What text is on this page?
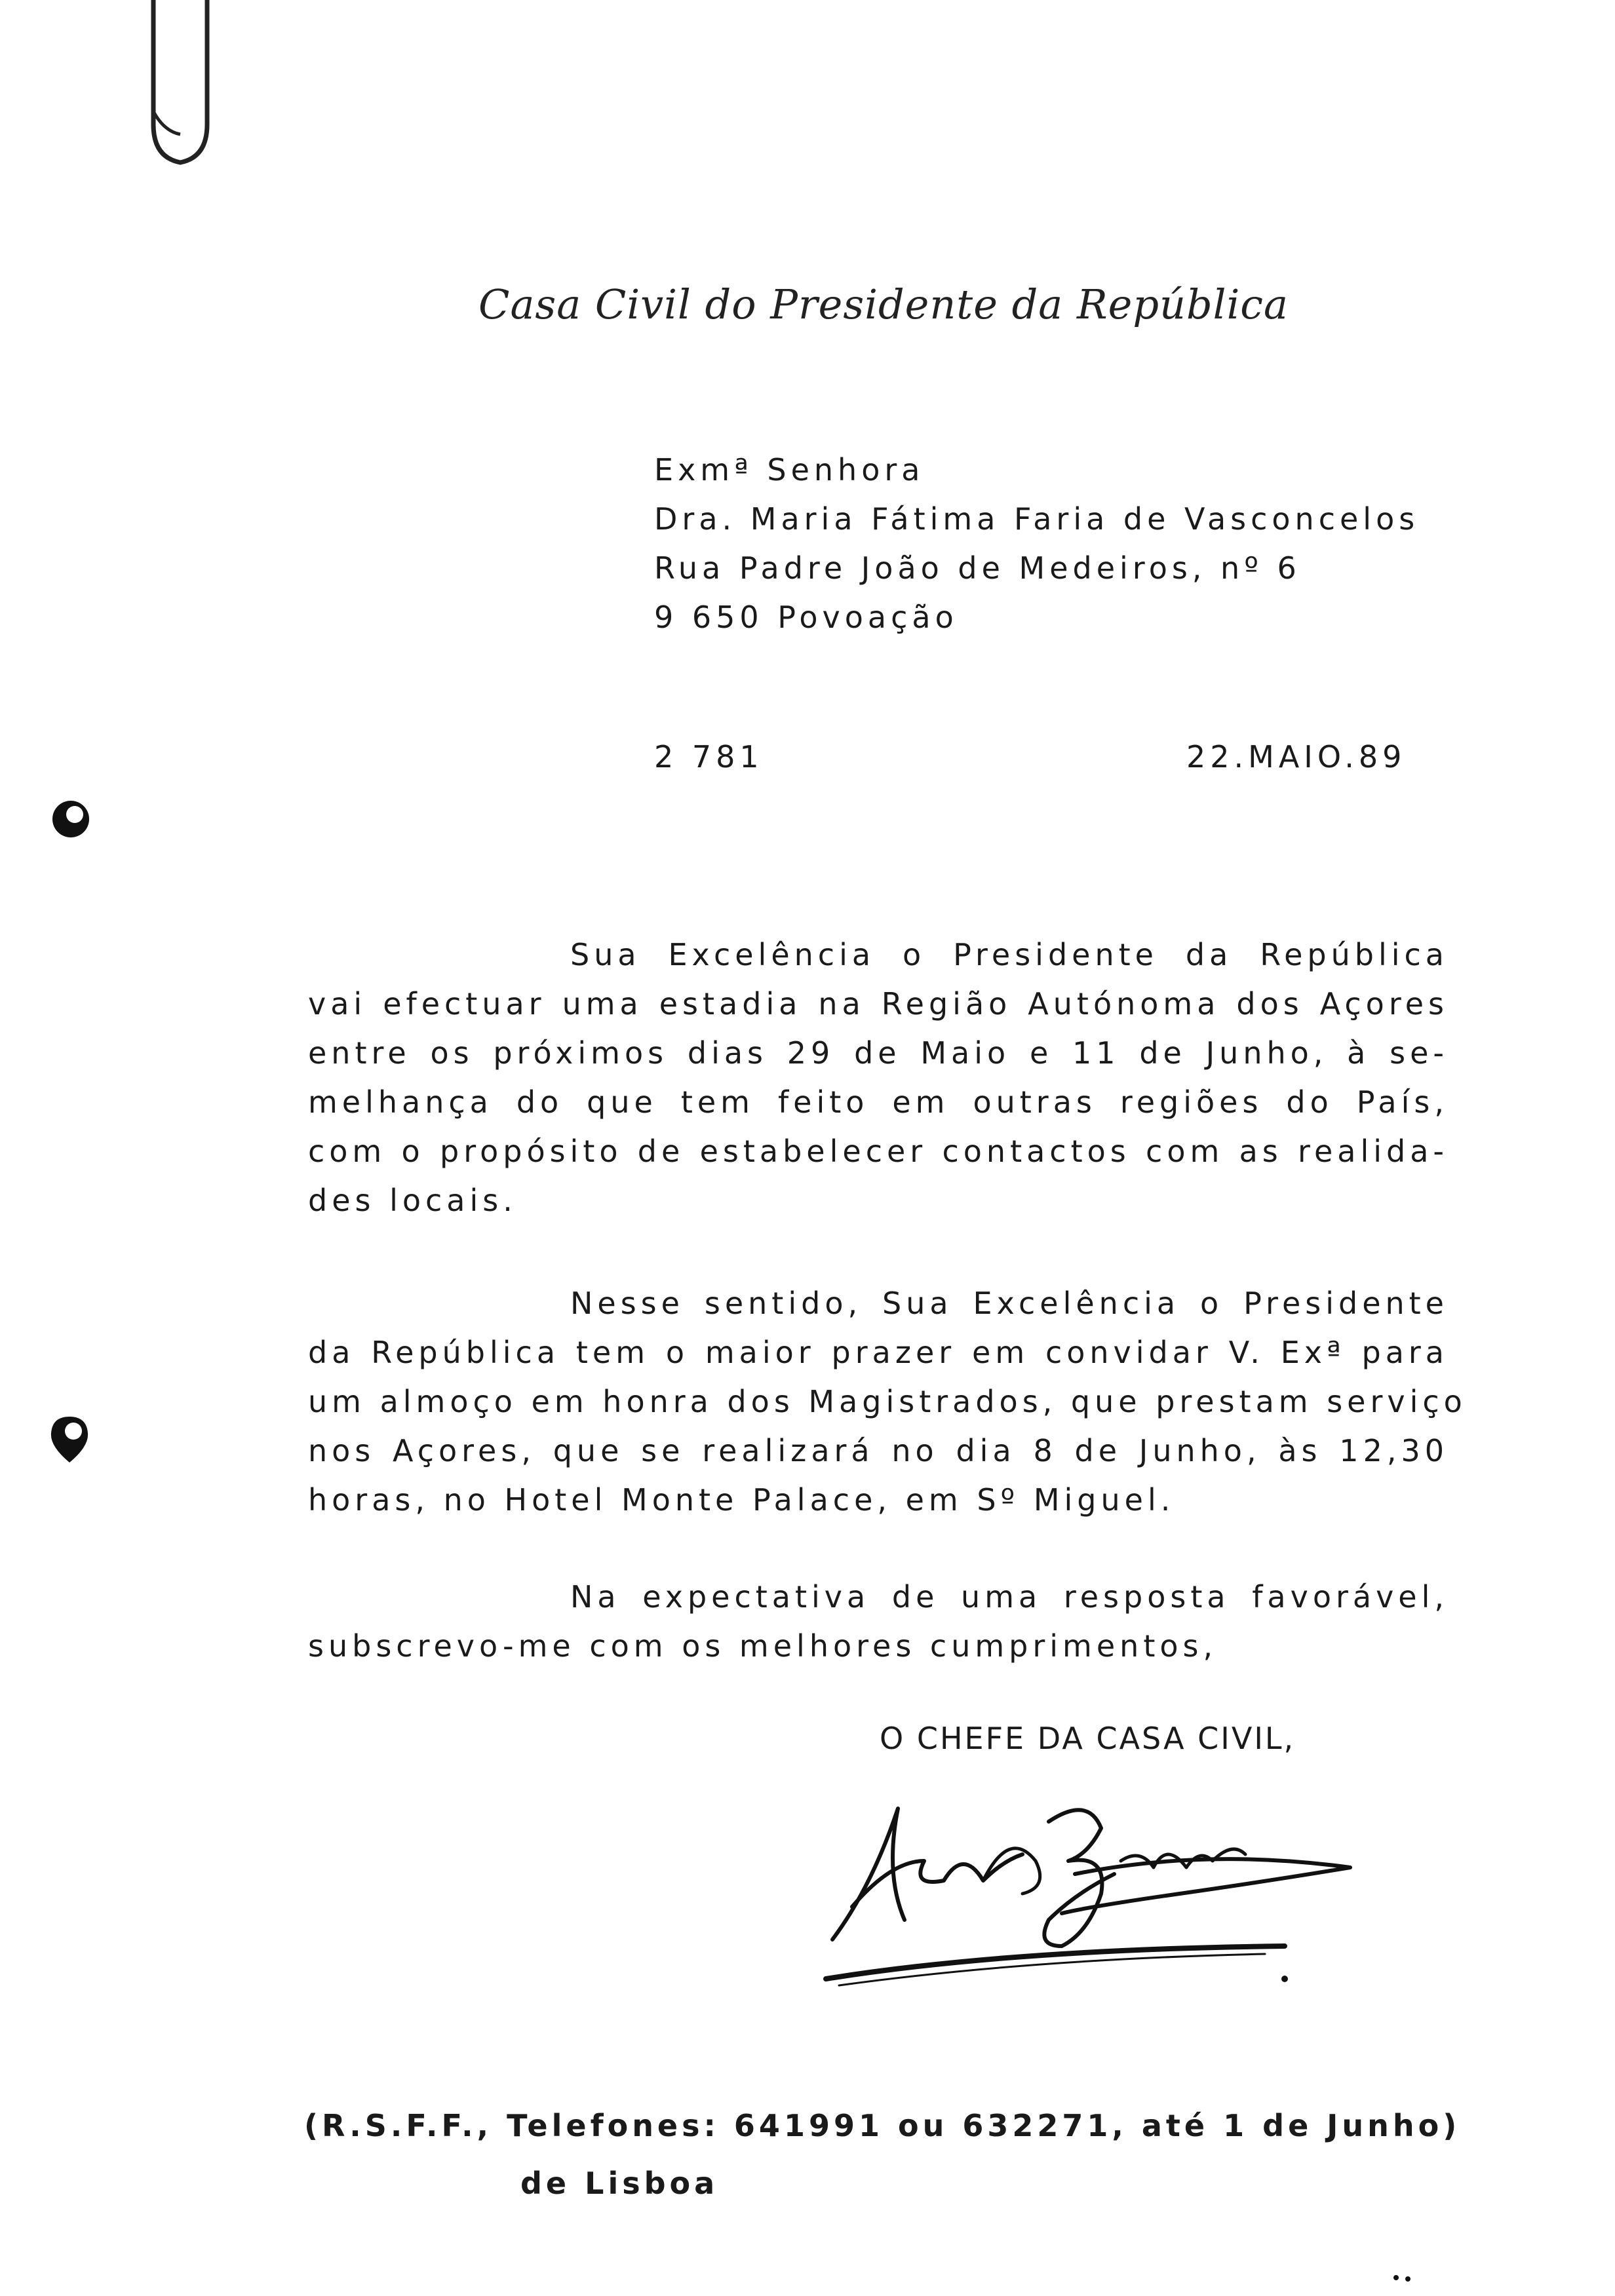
Casa Civil do Presidente da República
Exmª Senhora
Dra. Maria Fátima Faria de Vasconcelos
Rua Padre João de Medeiros, nº 6
9 650 Povoação
2 781	22.MAIO.89
Sua Excelência o Presidente da República
vai efectuar uma estadia na Região Autónoma dos Açores
entre os próximos dias 29 de Maio e 11 de Junho, à se-
melhança do que tem feito em outras regiões do País,
com o propósito de estabelecer contactos com as realida-
des locais.
Nesse sentido, Sua Excelência o Presidente
da República tem o maior prazer em convidar V. Exª para
um almoço em honra dos Magistrados, que prestam serviço
nos Açores, que se realizará no dia 8 de Junho, às 12,30
horas, no Hotel Monte Palace, em Sº Miguel.
Na expectativa de uma resposta favorável,
subscrevo-me com os melhores cumprimentos,
O CHEFE DA CASA CIVIL,
(R.S.F.F., Telefones: 641991 ou 632271, até 1 de Junho)
de Lisboa
